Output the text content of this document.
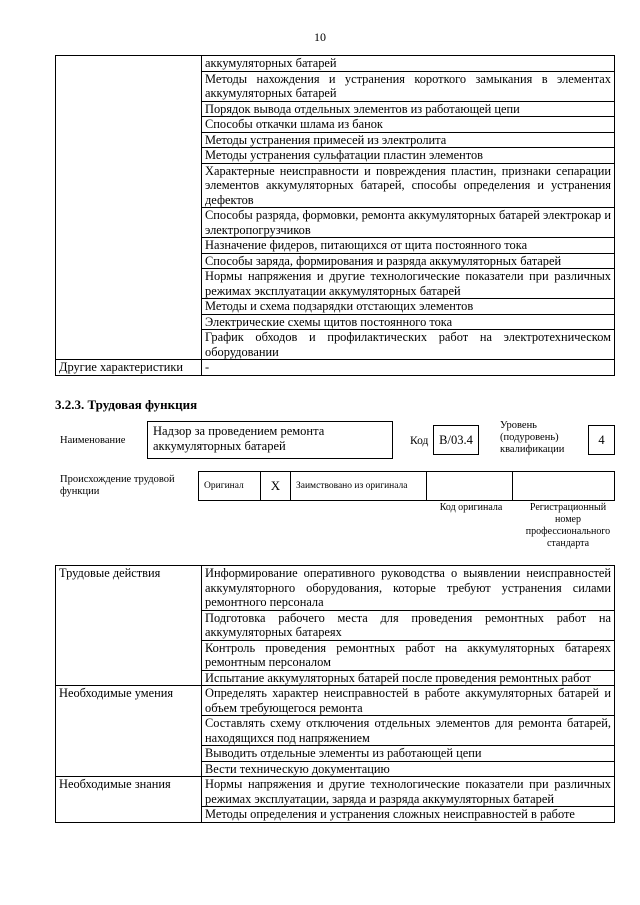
10
	аккумуляторных батарей
	Методы нахождения и устранения короткого замыкания в элементах аккумуляторных батарей
	Порядок вывода отдельных элементов из работающей цепи
	Способы откачки шлама из банок
	Методы устранения примесей из электролита
	Методы устранения сульфатации пластин элементов
	Характерные неисправности и повреждения пластин, признаки сепарации элементов аккумуляторных батарей, способы определения и устранения дефектов
	Способы разряда, формовки, ремонта аккумуляторных батарей электрокар и электропогрузчиков
	Назначение фидеров, питающихся от щита постоянного тока
	Способы заряда, формирования и разряда аккумуляторных батарей
	Нормы напряжения и другие технологические показатели при различных режимах эксплуатации аккумуляторных батарей
	Методы и схема подзарядки отстающих элементов
	Электрические схемы щитов постоянного тока
	График обходов и профилактических работ на электротехническом оборудовании
Другие характеристики	-
3.2.3. Трудовая функция
Наименование
Надзор за проведением ремонта аккумуляторных батарей	Код B/03.4
Уровень (подуровень) квалификации
4
Происхождение трудовой функции	Оригинал	X	Заимствовано из оригинала
Код оригинала	Регистрационный номер профессионального стандарта
Трудовые действия	Информирование оперативного руководства о выявлении неисправностей аккумуляторного оборудования, которые требуют устранения силами ремонтного персонала
	Подготовка рабочего места для проведения ремонтных работ на аккумуляторных батареях
	Контроль проведения ремонтных работ на аккумуляторных батареях ремонтным персоналом
	Испытание аккумуляторных батарей после проведения ремонтных работ
Необходимые умения	Определять характер неисправностей в работе аккумуляторных батарей и объем требующегося ремонта
	Составлять схему отключения отдельных элементов для ремонта батарей, находящихся под напряжением
	Выводить отдельные элементы из работающей цепи
	Вести техническую документацию
Необходимые знания	Нормы напряжения и другие технологические показатели при различных режимах эксплуатации, заряда и разряда аккумуляторных батарей
	Методы определения и устранения сложных неисправностей в работе
